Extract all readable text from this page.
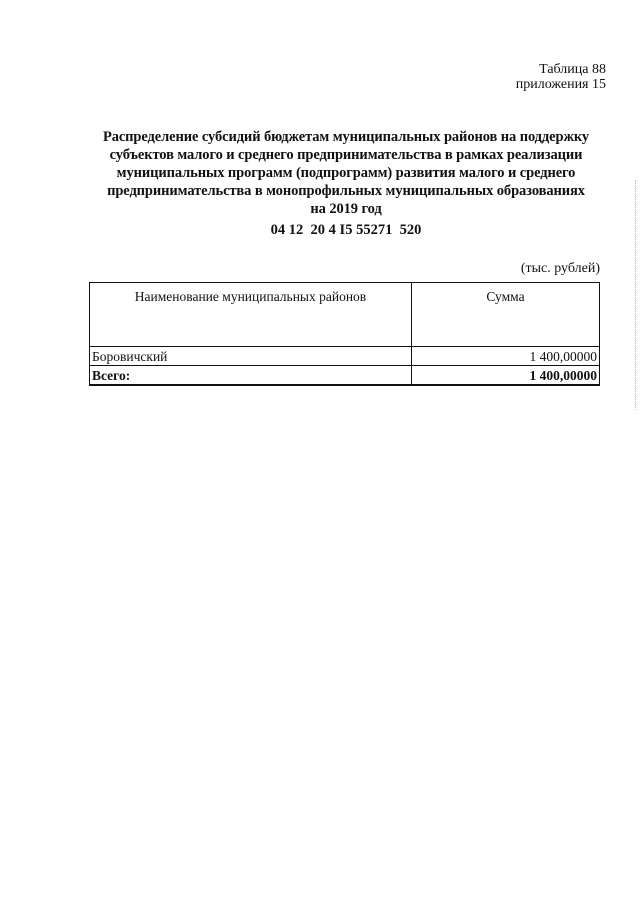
Таблица 88
приложения 15
Распределение субсидий бюджетам муниципальных районов на поддержку
субъектов малого и среднего предпринимательства в рамках реализации
муниципальных программ (подпрограмм) развития малого и среднего
предпринимательства в монопрофильных муниципальных образованиях
на 2019 год
04 12  20 4 I5 55271  520
(тыс. рублей)
Наименование муниципальных районов	Сумма
Боровичский	1 400,00000
Всего:	1 400,00000
